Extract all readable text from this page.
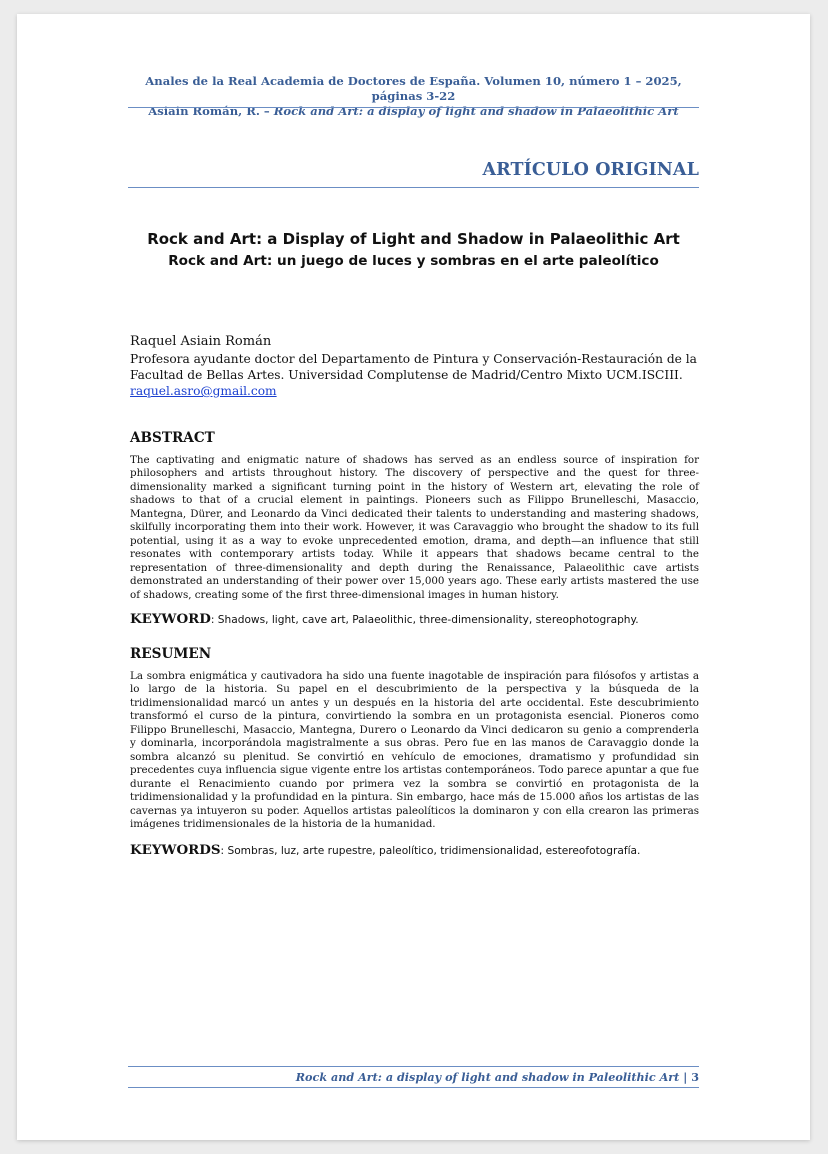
Anales de la Real Academia de Doctores de España. Volumen 10, número 1 – 2025, páginas 3-22
Asiain Román, R. – Rock and Art: a display of light and shadow in Palaeolithic Art
ARTÍCULO ORIGINAL
Rock and Art: a Display of Light and Shadow in Palaeolithic Art
Rock and Art: un juego de luces y sombras en el arte paleolítico
Raquel Asiain Román
Profesora ayudante doctor del Departamento de Pintura y Conservación-Restauración de la Facultad de Bellas Artes. Universidad Complutense de Madrid/Centro Mixto UCM.ISCIII.
raquel.asro@gmail.com
ABSTRACT

The captivating and enigmatic nature of shadows has served as an endless source of inspiration for philosophers and artists throughout history. The discovery of perspective and the quest for three-dimensionality marked a significant turning point in the history of Western art, elevating the role of shadows to that of a crucial element in paintings. Pioneers such as Filippo Brunelleschi, Masaccio, Mantegna, Dürer, and Leonardo da Vinci dedicated their talents to understanding and mastering shadows, skilfully incorporating them into their work. However, it was Caravaggio who brought the shadow to its full potential, using it as a way to evoke unprecedented emotion, drama, and depth—an influence that still resonates with contemporary artists today. While it appears that shadows became central to the representation of three-dimensionality and depth during the Renaissance, Palaeolithic cave artists demonstrated an understanding of their power over 15,000 years ago. These early artists mastered the use of shadows, creating some of the first three-dimensional images in human history.

KEYWORD: Shadows, light, cave art, Palaeolithic, three-dimensionality, stereophotography.
RESUMEN

La sombra enigmática y cautivadora ha sido una fuente inagotable de inspiración para filósofos y artistas a lo largo de la historia. Su papel en el descubrimiento de la perspectiva y la búsqueda de la tridimensionalidad marcó un antes y un después en la historia del arte occidental. Este descubrimiento transformó el curso de la pintura, convirtiendo la sombra en un protagonista esencial. Pioneros como Filippo Brunelleschi, Masaccio, Mantegna, Durero o Leonardo da Vinci dedicaron su genio a comprenderla y dominarla, incorporándola magistralmente a sus obras. Pero fue en las manos de Caravaggio donde la sombra alcanzó su plenitud. Se convirtió en vehículo de emociones, dramatismo y profundidad sin precedentes cuya influencia sigue vigente entre los artistas contemporáneos. Todo parece apuntar a que fue durante el Renacimiento cuando por primera vez la sombra se convirtió en protagonista de la tridimensionalidad y la profundidad en la pintura. Sin embargo, hace más de 15.000 años los artistas de las cavernas ya intuyeron su poder. Aquellos artistas paleolíticos la dominaron y con ella crearon las primeras imágenes tridimensionales de la historia de la humanidad.

KEYWORDS: Sombras, luz, arte rupestre, paleolítico, tridimensionalidad, estereofotografía.
Rock and Art: a display of light and shadow in Paleolithic Art | 3
